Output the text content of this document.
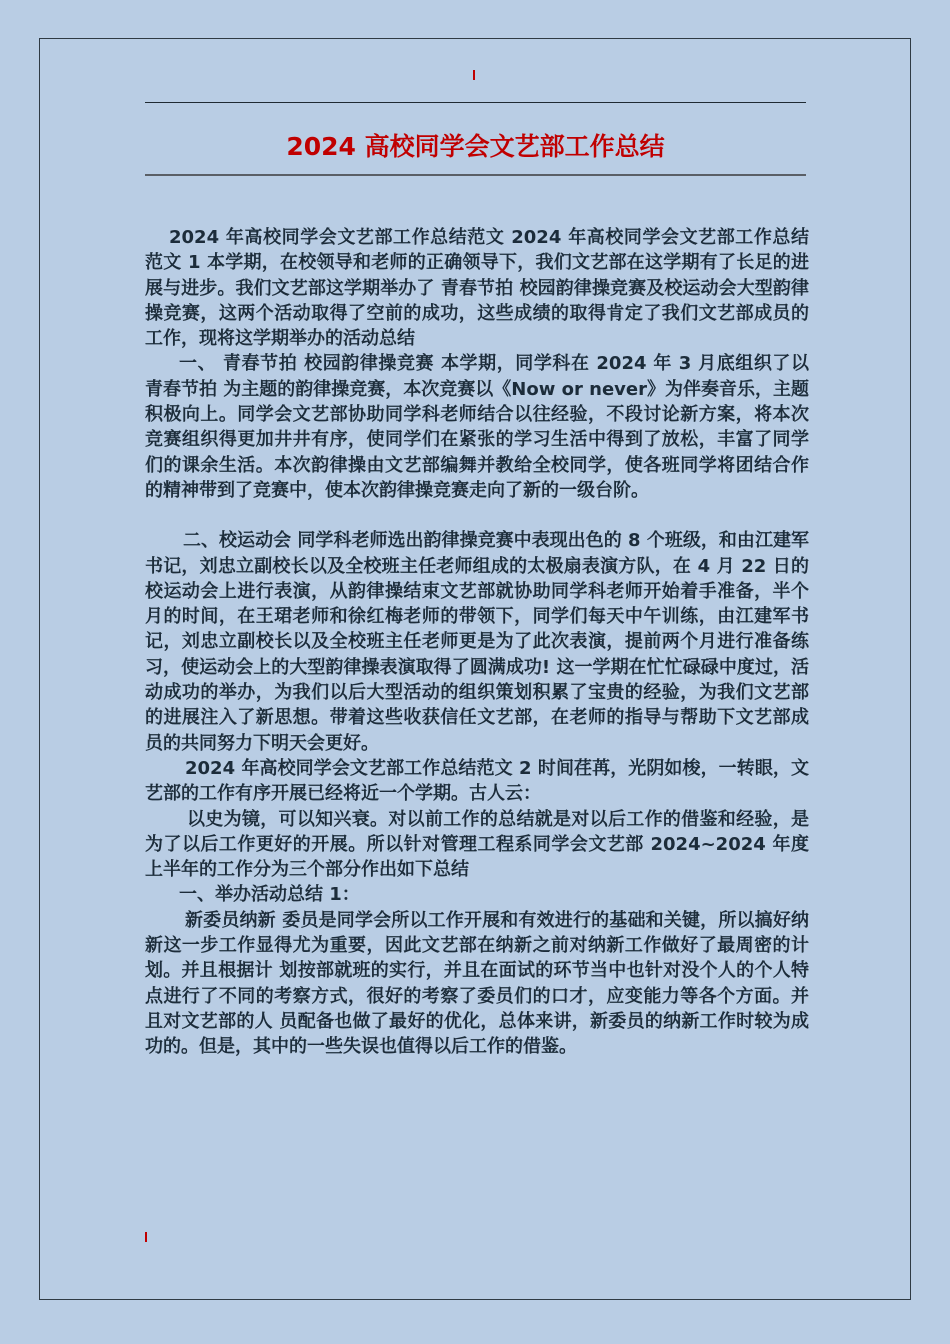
2024 高校同学会文艺部工作总结

2024 年高校同学会文艺部工作总结范文 2024 年高校同学会文艺部工作总结范文 1 本学期，在校领导和老师的正确领导下，我们文艺部在这学期有了长足的进展与进步。我们文艺部这学期举办了 青春节拍 校园韵律操竞赛及校运动会大型韵律操竞赛，这两个活动取得了空前的成功，这些成绩的取得肯定了我们文艺部成员的工作，现将这学期举办的活动总结

一、 青春节拍 校园韵律操竞赛 本学期，同学科在 2024 年 3 月底组织了以 青春节拍 为主题的韵律操竞赛，本次竞赛以《Now or never》为伴奏音乐，主题积极向上。同学会文艺部协助同学科老师结合以往经验，不段讨论新方案，将本次竞赛组织得更加井井有序，使同学们在紧张的学习生活中得到了放松，丰富了同学们的课余生活。本次韵律操由文艺部编舞并教给全校同学，使各班同学将团结合作的精神带到了竞赛中，使本次韵律操竞赛走向了新的一级台阶。

二、校运动会 同学科老师选出韵律操竞赛中表现出色的 8 个班级，和由江建军书记，刘忠立副校长以及全校班主任老师组成的太极扇表演方队，在 4 月 22 日的校运动会上进行表演，从韵律操结束文艺部就协助同学科老师开始着手准备，半个月的时间，在王珺老师和徐红梅老师的带领下，同学们每天中午训练，由江建军书记，刘忠立副校长以及全校班主任老师更是为了此次表演，提前两个月进行准备练习，使运动会上的大型韵律操表演取得了圆满成功! 这一学期在忙忙碌碌中度过，活动成功的举办，为我们以后大型活动的组织策划积累了宝贵的经验，为我们文艺部的进展注入了新思想。带着这些收获信任文艺部，在老师的指导与帮助下文艺部成员的共同努力下明天会更好。

2024 年高校同学会文艺部工作总结范文 2 时间荏苒，光阴如梭，一转眼，文艺部的工作有序开展已经将近一个学期。古人云：

以史为镜，可以知兴衰。对以前工作的总结就是对以后工作的借鉴和经验，是为了以后工作更好的开展。所以针对管理工程系同学会文艺部 2024~2024 年度上半年的工作分为三个部分作出如下总结

一、举办活动总结 1：

新委员纳新 委员是同学会所以工作开展和有效进行的基础和关键，所以搞好纳新这一步工作显得尤为重要，因此文艺部在纳新之前对纳新工作做好了最周密的计划。并且根据计 划按部就班的实行，并且在面试的环节当中也针对没个人的个人特点进行了不同的考察方式，很好的考察了委员们的口才，应变能力等各个方面。并且对文艺部的人 员配备也做了最好的优化，总体来讲，新委员的纳新工作时较为成功的。但是，其中的一些失误也值得以后工作的借鉴。
